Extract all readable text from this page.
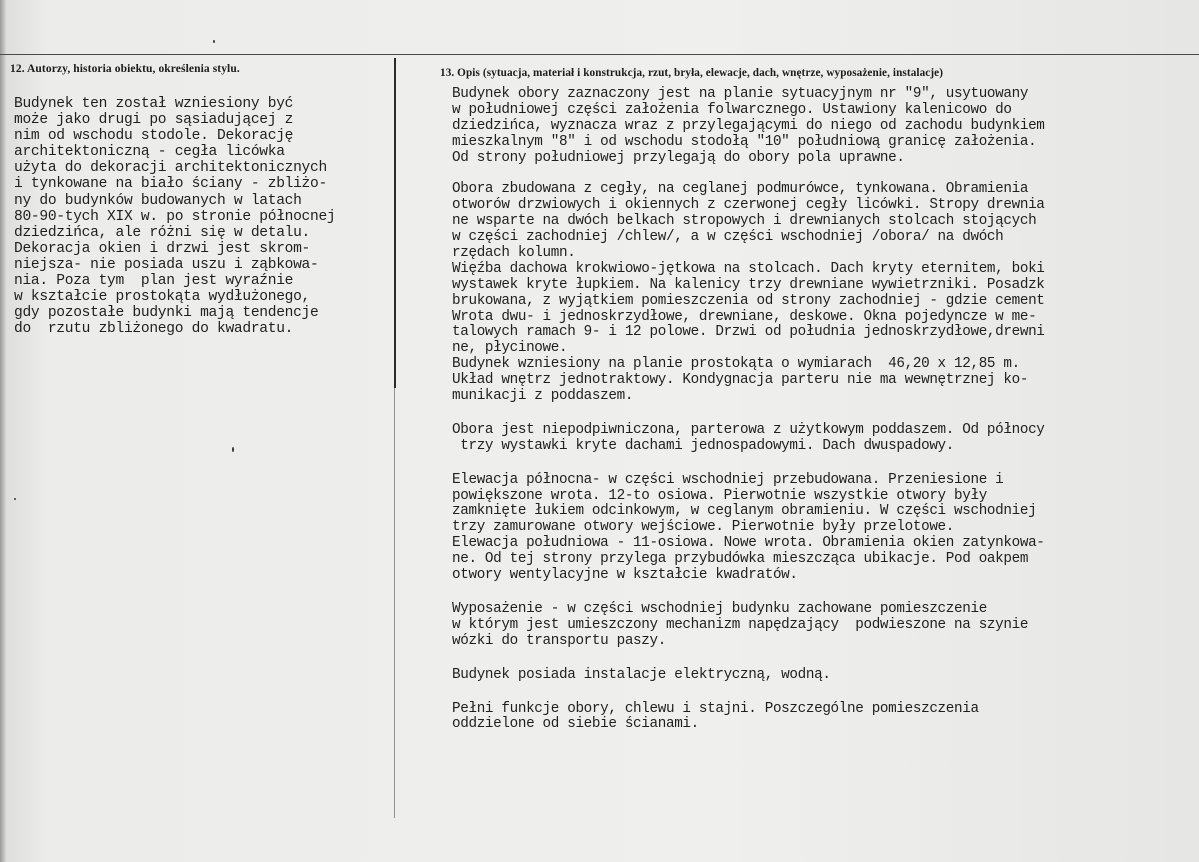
12. Autorzy, historia obiektu, określenia stylu.	13. Opis (sytuacja, materiał i konstrukcja, rzut, bryła, elewacje, dach, wnętrze, wyposażenie, instalacje)
Budynek ten został wzniesiony być
może jako drugi po sąsiadującej z
nim od wschodu stodole. Dekorację
architektoniczną - cegła licówka
użyta do dekoracji architektonicznych
i tynkowane na biało ściany - zbliżo-
ny do budynków budowanych w latach
80-90-tych XIX w. po stronie północnej
dziedzińca, ale różni się w detalu.
Dekoracja okien i drzwi jest skrom-
niejsza- nie posiada uszu i ząbkowa-
nia. Poza tym  plan jest wyraźnie
w kształcie prostokąta wydłużonego,
gdy pozostałe budynki mają tendencje
do  rzutu zbliżonego do kwadratu.
Budynek obory zaznaczony jest na planie sytuacyjnym nr "9", usytuowany
w południowej części założenia folwarcznego. Ustawiony kalenicowo do
dziedzińca, wyznacza wraz z przylegającymi do niego od zachodu budynkiem
mieszkalnym "8" i od wschodu stodołą "10" południową granicę założenia.
Od strony południowej przylegają do obory pola uprawne.
Obora zbudowana z cegły, na ceglanej podmurówce, tynkowana. Obramienia
otworów drzwiowych i okiennych z czerwonej cegły licówki. Stropy drewnia
ne wsparte na dwóch belkach stropowych i drewnianych stolcach stojących
w części zachodniej /chlew/, a w części wschodniej /obora/ na dwóch
rzędach kolumn.
Więźba dachowa krokwiowo-jętkowa na stolcach. Dach kryty eternitem, boki
wystawek kryte łupkiem. Na kalenicy trzy drewniane wywietrzniki. Posadzk
brukowana, z wyjątkiem pomieszczenia od strony zachodniej - gdzie cement
Wrota dwu- i jednoskrzydłowe, drewniane, deskowe. Okna pojedyncze w me-
talowych ramach 9- i 12 polowe. Drzwi od południa jednoskrzydłowe,drewni
ne, płycinowe.
Budynek wzniesiony na planie prostokąta o wymiarach  46,20 x 12,85 m.
Układ wnętrz jednotraktowy. Kondygnacja parteru nie ma wewnętrznej ko-
munikacji z poddaszem.
Obora jest niepodpiwniczona, parterowa z użytkowym poddaszem. Od północy
trzy wystawki kryte dachami jednospadowymi. Dach dwuspadowy.
Elewacja północna- w części wschodniej przebudowana. Przeniesione i
powiększone wrota. 12-to osiowa. Pierwotnie wszystkie otwory były
zamknięte łukiem odcinkowym, w ceglanym obramieniu. W części wschodniej
trzy zamurowane otwory wejściowe. Pierwotnie były przelotowe.
Elewacja południowa - 11-osiowa. Nowe wrota. Obramienia okien zatynkowa-
ne. Od tej strony przylega przybudówka mieszcząca ubikacje. Pod oakpem
otwory wentylacyjne w kształcie kwadratów.
Wyposażenie - w części wschodniej budynku zachowane pomieszczenie
w którym jest umieszczony mechanizm napędzający  podwieszone na szynie
wózki do transportu paszy.
Budynek posiada instalacje elektryczną, wodną.
Pełni funkcje obory, chlewu i stajni. Poszczególne pomieszczenia
oddzielone od siebie ścianami.
